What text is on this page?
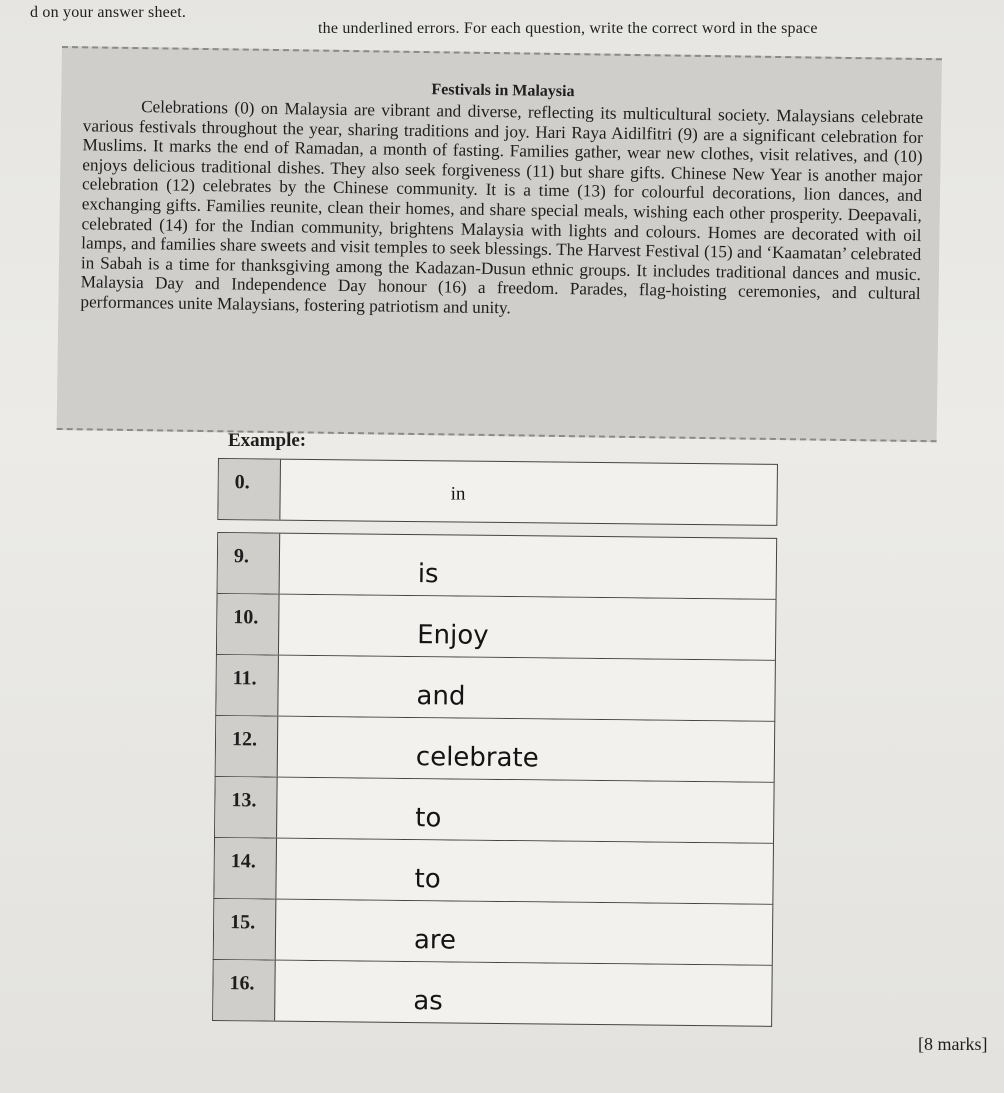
d on your answer sheet.
the underlined errors. For each question, write the correct word in the space
Festivals in Malaysia
Celebrations (0) on Malaysia are vibrant and diverse, reflecting its multicultural society. Malaysians celebrate various festivals throughout the year, sharing traditions and joy. Hari Raya Aidilfitri (9) are a significant celebration for Muslims. It marks the end of Ramadan, a month of fasting. Families gather, wear new clothes, visit relatives, and (10) enjoys delicious traditional dishes. They also seek forgiveness (11) but share gifts. Chinese New Year is another major celebration (12) celebrates by the Chinese community. It is a time (13) for colourful decorations, lion dances, and exchanging gifts. Families reunite, clean their homes, and share special meals, wishing each other prosperity. Deepavali, celebrated (14) for the Indian community, brightens Malaysia with lights and colours. Homes are decorated with oil lamps, and families share sweets and visit temples to seek blessings. The Harvest Festival (15) and ‘Kaamatan’ celebrated in Sabah is a time for thanksgiving among the Kadazan-Dusun ethnic groups. It includes traditional dances and music. Malaysia Day and Independence Day honour (16) a freedom. Parades, flag-hoisting ceremonies, and cultural performances unite Malaysians, fostering patriotism and unity.
Example:
0.
in
9.
is
10.
Enjoy
11.
and
12.
celebrate
13.
to
14.
to
15.
are
16.
as
[8 marks]
